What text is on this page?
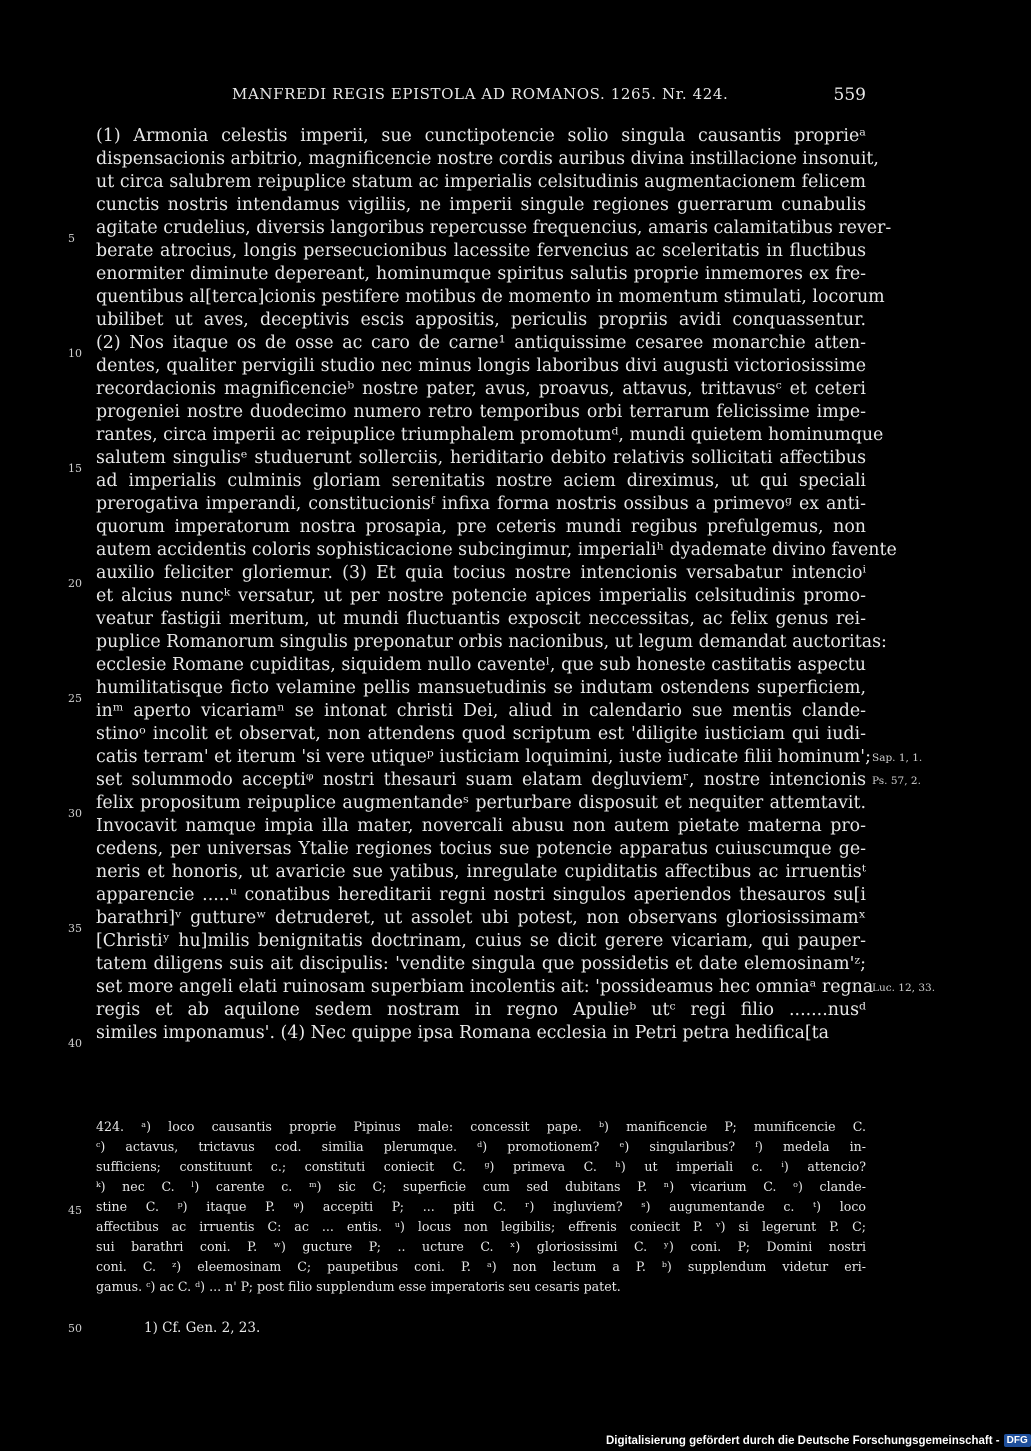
MANFREDI REGIS EPISTOLA AD ROMANOS. 1265. Nr. 424.	559
(1) Armonia celestis imperii, sue cunctipotencie solio singula causantis proprieᵃ
dispensacionis arbitrio, magnificencie nostre cordis auribus divina instillacione insonuit,
ut circa salubrem reipuplice statum ac imperialis celsitudinis augmentacionem felicem
cunctis nostris intendamus vigiliis, ne imperii singule regiones guerrarum cunabulis
agitate crudelius, diversis langoribus repercusse frequencius, amaris calamitatibus rever-
berate atrocius, longis persecucionibus lacessite fervencius ac sceleritatis in fluctibus
enormiter diminute depereant, hominumque spiritus salutis proprie inmemores ex fre-
quentibus al[terca]cionis pestifere motibus de momento in momentum stimulati, locorum
ubilibet ut aves, deceptivis escis appositis, periculis propriis avidi conquassentur.
(2) Nos itaque os de osse ac caro de carne¹ antiquissime cesaree monarchie atten-
dentes, qualiter pervigili studio nec minus longis laboribus divi augusti victoriosissime
recordacionis magnificencieᵇ nostre pater, avus, proavus, attavus, trittavusᶜ et ceteri
progeniei nostre duodecimo numero retro temporibus orbi terrarum felicissime impe-
rantes, circa imperii ac reipuplice triumphalem promotumᵈ, mundi quietem hominumque
salutem singulisᵉ studuerunt sollerciis, heriditario debito relativis sollicitati affectibus
ad imperialis culminis gloriam serenitatis nostre aciem direximus, ut qui speciali
prerogativa imperandi, constitucionisᶠ infixa forma nostris ossibus a primevoᵍ ex anti-
quorum imperatorum nostra prosapia, pre ceteris mundi regibus prefulgemus, non
autem accidentis coloris sophisticacione subcingimur, imperialiʰ dyademate divino favente
auxilio feliciter gloriemur. (3) Et quia tocius nostre intencionis versabatur intencioⁱ
et alcius nuncᵏ versatur, ut per nostre potencie apices imperialis celsitudinis promo-
veatur fastigii meritum, ut mundi fluctuantis exposcit neccessitas, ac felix genus rei-
puplice Romanorum singulis preponatur orbis nacionibus, ut legum demandat auctoritas:
ecclesie Romane cupiditas, siquidem nullo caventeˡ, que sub honeste castitatis aspectu
humilitatisque ficto velamine pellis mansuetudinis se indutam ostendens superficiem,
inᵐ aperto vicariamⁿ se intonat christi Dei, aliud in calendario sue mentis clande-
stinoᵒ incolit et observat, non attendens quod scriptum est 'diligite iusticiam qui iudi-
catis terram' et iterum 'si vere utiqueᵖ iusticiam loquimini, iuste iudicate filii hominum';
set solummodo acceptiᵠ nostri thesauri suam elatam degluviemʳ, nostre intencionis
felix propositum reipuplice augmentandeˢ perturbare disposuit et nequiter attemtavit.
Invocavit namque impia illa mater, novercali abusu non autem pietate materna pro-
cedens, per universas Ytalie regiones tocius sue potencie apparatus cuiuscumque ge-
neris et honoris, ut avaricie sue yatibus, inregulate cupiditatis affectibus ac irruentisᵗ
apparencie .....ᵘ conatibus hereditarii regni nostri singulos aperiendos thesauros su[i
barathri]ᵛ guttureʷ detruderet, ut assolet ubi potest, non observans gloriosissimamˣ
[Christiʸ hu]milis benignitatis doctrinam, cuius se dicit gerere vicariam, qui pauper-
tatem diligens suis ait discipulis: 'vendite singula que possidetis et date elemosinam'ᶻ;
set more angeli elati ruinosam superbiam incolentis ait: 'possideamus hec omniaᵃ regna
regis et ab aquilone sedem nostram in regno Apulieᵇ utᶜ regi filio .......nusᵈ
similes imponamus'. (4) Nec quippe ipsa Romana ecclesia in Petri petra hedifica[ta
5
10
15
20
25
30
35
40
Sap. 1, 1.
Ps. 57, 2.
Luc. 12, 33.
424. ᵃ) loco causantis proprie Pipinus male: concessit pape. ᵇ) manificencie P; munificencie C.
ᶜ) actavus, trictavus cod. similia plerumque. ᵈ) promotionem? ᵉ) singularibus? ᶠ) medela in-
sufficiens; constituunt c.; constituti coniecit C. ᵍ) primeva C. ʰ) ut imperiali c. ⁱ) attencio?
ᵏ) nec C. ˡ) carente c. ᵐ) sic C; superficie cum sed dubitans P. ⁿ) vicarium C. ᵒ) clande-
stine C. ᵖ) itaque P. ᵠ) accepiti P; ... piti C. ʳ) ingluviem? ˢ) augumentande c. ᵗ) loco
affectibus ac irruentis C: ac ... entis. ᵘ) locus non legibilis; effrenis coniecit P. ᵛ) si legerunt P. C;
sui barathri coni. P. ʷ) gucture P; .. ucture C. ˣ) gloriosissimi C. ʸ) coni. P; Domini nostri
coni. C. ᶻ) eleemosinam C; paupetibus coni. P. ᵃ) non lectum a P. ᵇ) supplendum videtur eri-
gamus. ᶜ) ac C. ᵈ) ... n' P; post filio supplendum esse imperatoris seu cesaris patet.
45
50	1) Cf. Gen. 2, 23.
Digitalisierung gefördert durch die Deutsche Forschungsgemeinschaft - DFG
